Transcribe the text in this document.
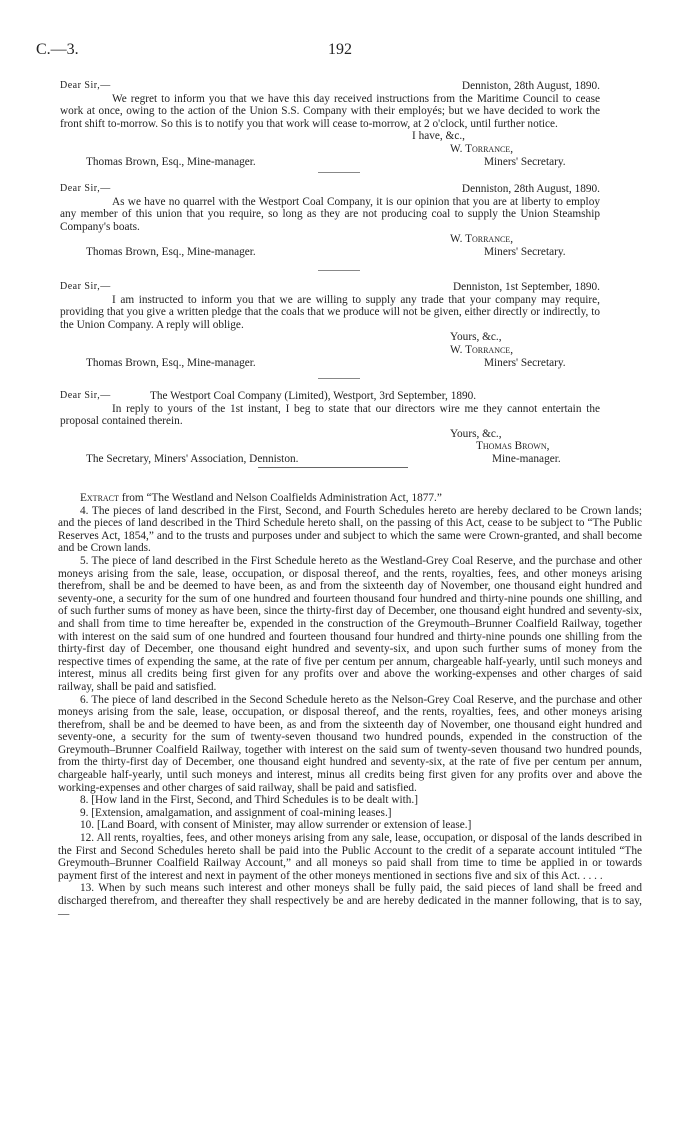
C.—3.	192
Dear Sir,—	Denniston, 28th August, 1890.

We regret to inform you that we have this day received instructions from the Maritime Council to cease work at once, owing to the action of the Union S.S. Company with their employés; but we have decided to work the front shift to-morrow. So this is to notify you that work will cease to-morrow, at 2 o'clock, until further notice.

I have, &c.,
W. Torrance,
Thomas Brown, Esq., Mine-manager.	Miners' Secretary.
Dear Sir,—	Denniston, 28th August, 1890.

As we have no quarrel with the Westport Coal Company, it is our opinion that you are at liberty to employ any member of this union that you require, so long as they are not producing coal to supply the Union Steamship Company's boats.

W. Torrance,
Thomas Brown, Esq., Mine-manager.	Miners' Secretary.
Dear Sir,—	Denniston, 1st September, 1890.

I am instructed to inform you that we are willing to supply any trade that your company may require, providing that you give a written pledge that the coals that we produce will not be given, either directly or indirectly, to the Union Company. A reply will oblige.

Yours, &c.,
W. Torrance,
Thomas Brown, Esq., Mine-manager.	Miners' Secretary.
Dear Sir,—	The Westport Coal Company (Limited), Westport, 3rd September, 1890.

In reply to yours of the 1st instant, I beg to state that our directors wire me they cannot entertain the proposal contained therein.

Yours, &c.,
Thomas Brown,
The Secretary, Miners' Association, Denniston.	Mine-manager.

Extract from “The Westland and Nelson Coalfields Administration Act, 1877.”

4. The pieces of land described in the First, Second, and Fourth Schedules hereto are hereby declared to be Crown lands; and the pieces of land described in the Third Schedule hereto shall, on the passing of this Act, cease to be subject to “The Public Reserves Act, 1854,” and to the trusts and purposes under and subject to which the same were Crown-granted, and shall become and be Crown lands.

5. The piece of land described in the First Schedule hereto as the Westland-Grey Coal Reserve, and the purchase and other moneys arising from the sale, lease, occupation, or disposal thereof, and the rents, royalties, fees, and other moneys arising therefrom, shall be and be deemed to have been, as and from the sixteenth day of November, one thousand eight hundred and seventy-one, a security for the sum of one hundred and fourteen thousand four hundred and thirty-nine pounds one shilling, and of such further sums of money as have been, since the thirty-first day of December, one thousand eight hundred and seventy-six, and shall from time to time hereafter be, expended in the construction of the Greymouth–Brunner Coalfield Railway, together with interest on the said sum of one hundred and fourteen thousand four hundred and thirty-nine pounds one shilling from the thirty-first day of December, one thousand eight hundred and seventy-six, and upon such further sums of money from the respective times of expending the same, at the rate of five per centum per annum, chargeable half-yearly, until such moneys and interest, minus all credits being first given for any profits over and above the working-expenses and other charges of said railway, shall be paid and satisfied.

6. The piece of land described in the Second Schedule hereto as the Nelson-Grey Coal Reserve, and the purchase and other moneys arising from the sale, lease, occupation, or disposal thereof, and the rents, royalties, fees, and other moneys arising therefrom, shall be and be deemed to have been, as and from the sixteenth day of November, one thousand eight hundred and seventy-one, a security for the sum of twenty-seven thousand two hundred pounds, expended in the construction of the Greymouth–Brunner Coalfield Railway, together with interest on the said sum of twenty-seven thousand two hundred pounds, from the thirty-first day of December, one thousand eight hundred and seventy-six, at the rate of five per centum per annum, chargeable half-yearly, until such moneys and interest, minus all credits being first given for any profits over and above the working-expenses and other charges of said railway, shall be paid and satisfied.

8. [How land in the First, Second, and Third Schedules is to be dealt with.]

9. [Extension, amalgamation, and assignment of coal-mining leases.]

10. [Land Board, with consent of Minister, may allow surrender or extension of lease.]

12. All rents, royalties, fees, and other moneys arising from any sale, lease, occupation, or disposal of the lands described in the First and Second Schedules hereto shall be paid into the Public Account to the credit of a separate account intituled “The Greymouth–Brunner Coalfield Railway Account,” and all moneys so paid shall from time to time be applied in or towards payment first of the interest and next in payment of the other moneys mentioned in sections five and six of this Act. . . . .

13. When by such means such interest and other moneys shall be fully paid, the said pieces of land shall be freed and discharged therefrom, and thereafter they shall respectively be and are hereby dedicated in the manner following, that is to say,—
